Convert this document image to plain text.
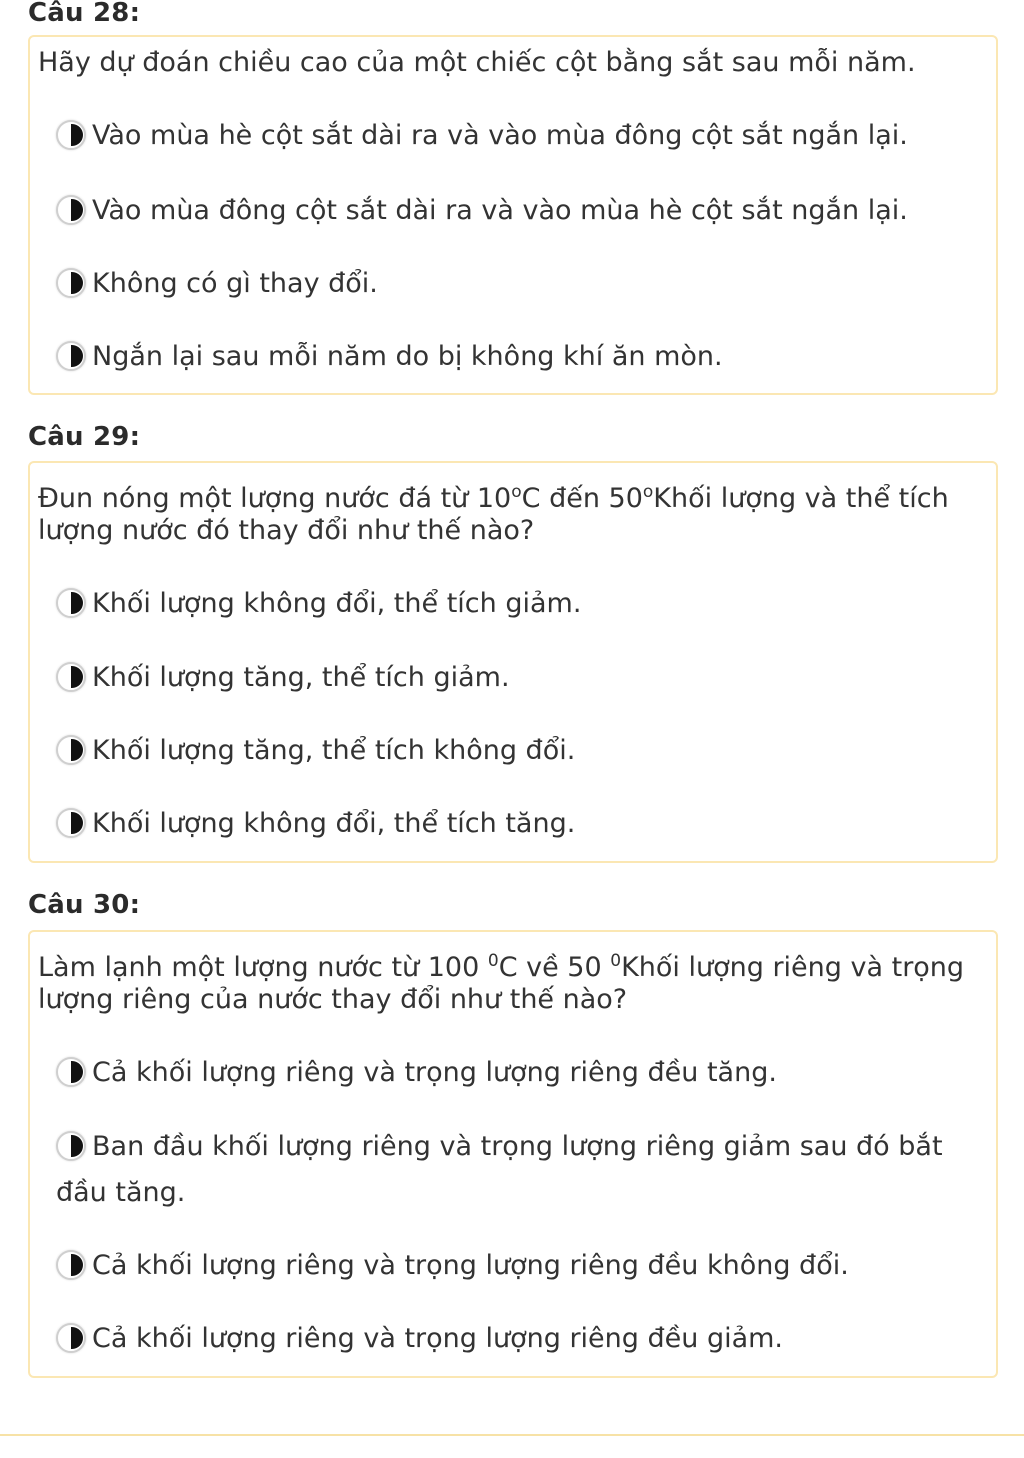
Câu 28:
Hãy dự đoán chiều cao của một chiếc cột bằng sắt sau mỗi năm.
Vào mùa hè cột sắt dài ra và vào mùa đông cột sắt ngắn lại.
Vào mùa đông cột sắt dài ra và vào mùa hè cột sắt ngắn lại.
Không có gì thay đổi.
Ngắn lại sau mỗi năm do bị không khí ăn mòn.
Câu 29:
Đun nóng một lượng nước đá từ 10$^o$C đến 50$^o$Khối lượng và thể tích lượng nước đó thay đổi như thế nào?
Khối lượng không đổi, thể tích giảm.
Khối lượng tăng, thể tích giảm.
Khối lượng tăng, thể tích không đổi.
Khối lượng không đổi, thể tích tăng.
Câu 30:
Làm lạnh một lượng nước từ 100 $^0$C về 50 $^0$Khối lượng riêng và trọng lượng riêng của nước thay đổi như thế nào?
Cả khối lượng riêng và trọng lượng riêng đều tăng.
Ban đầu khối lượng riêng và trọng lượng riêng giảm sau đó bắt đầu tăng.
Cả khối lượng riêng và trọng lượng riêng đều không đổi.
Cả khối lượng riêng và trọng lượng riêng đều giảm.
